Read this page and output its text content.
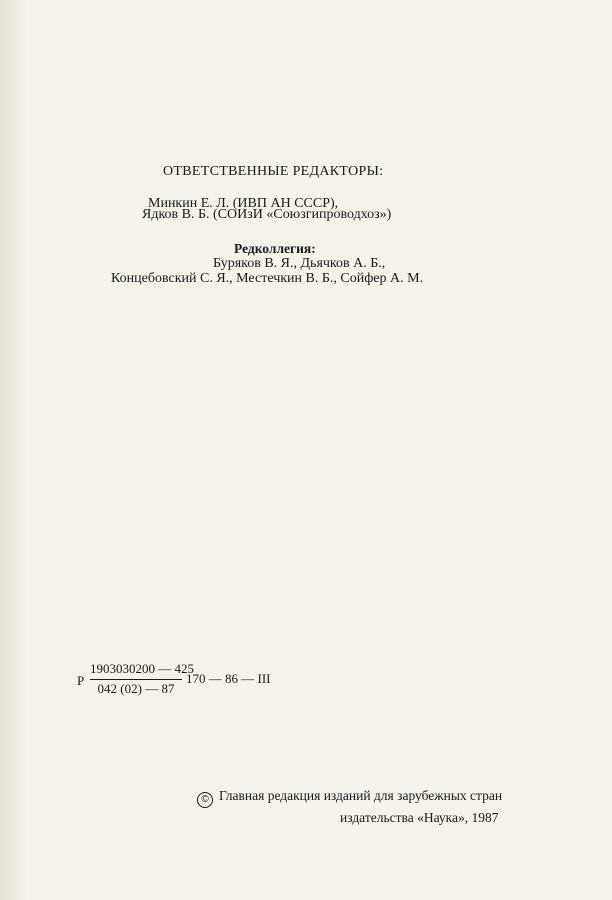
ОТВЕТСТВЕННЫЕ РЕДАКТОРЫ:
Минкин Е. Л. (ИВП АН СССР),
Ядков В. Б. (СОИзИ «Союзгипроводхоз»)
Редколлегия:
Буряков В. Я., Дьячков А. Б.,
Концебовский С. Я., Местечкин В. Б., Сойфер А. М.
Р
1903030200 — 425
042 (02) — 87
170 — 86 — III
© Главная редакция изданий для зарубежных стран
издательства «Наука», 1987
